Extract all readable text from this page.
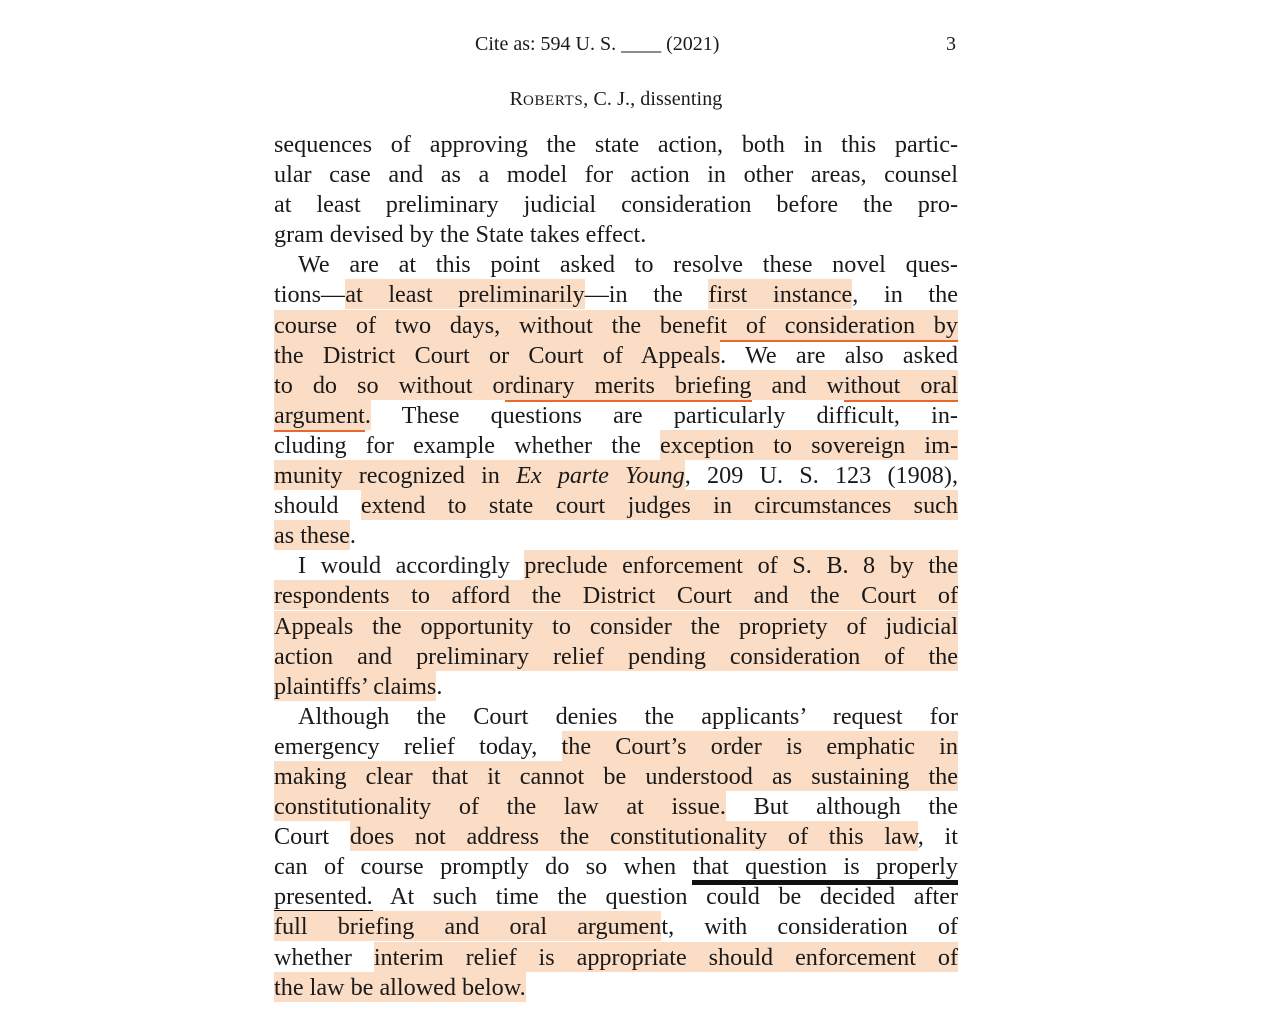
Cite as: 594 U. S. ____ (2021)	3
ROBERTS, C. J., dissenting
sequences of approving the state action, both in this partic-
ular case and as a model for action in other areas, counsel
at least preliminary judicial consideration before the pro-
gram devised by the State takes effect.
We are at this point asked to resolve these novel ques-
tions—at least preliminarily—in the first instance, in the
course of two days, without the benefit of consideration by
the District Court or Court of Appeals. We are also asked
to do so without ordinary merits briefing and without oral
argument. These questions are particularly difficult, in-
cluding for example whether the exception to sovereign im-
munity recognized in Ex parte Young, 209 U. S. 123 (1908),
should extend to state court judges in circumstances such
as these.
I would accordingly preclude enforcement of S. B. 8 by the
respondents to afford the District Court and the Court of
Appeals the opportunity to consider the propriety of judicial
action and preliminary relief pending consideration of the
plaintiffs’ claims.
Although the Court denies the applicants’ request for
emergency relief today, the Court’s order is emphatic in
making clear that it cannot be understood as sustaining the
constitutionality of the law at issue. But although the
Court does not address the constitutionality of this law, it
can of course promptly do so when that question is properly
presented. At such time the question could be decided after
full briefing and oral argument, with consideration of
whether interim relief is appropriate should enforcement of
the law be allowed below.
